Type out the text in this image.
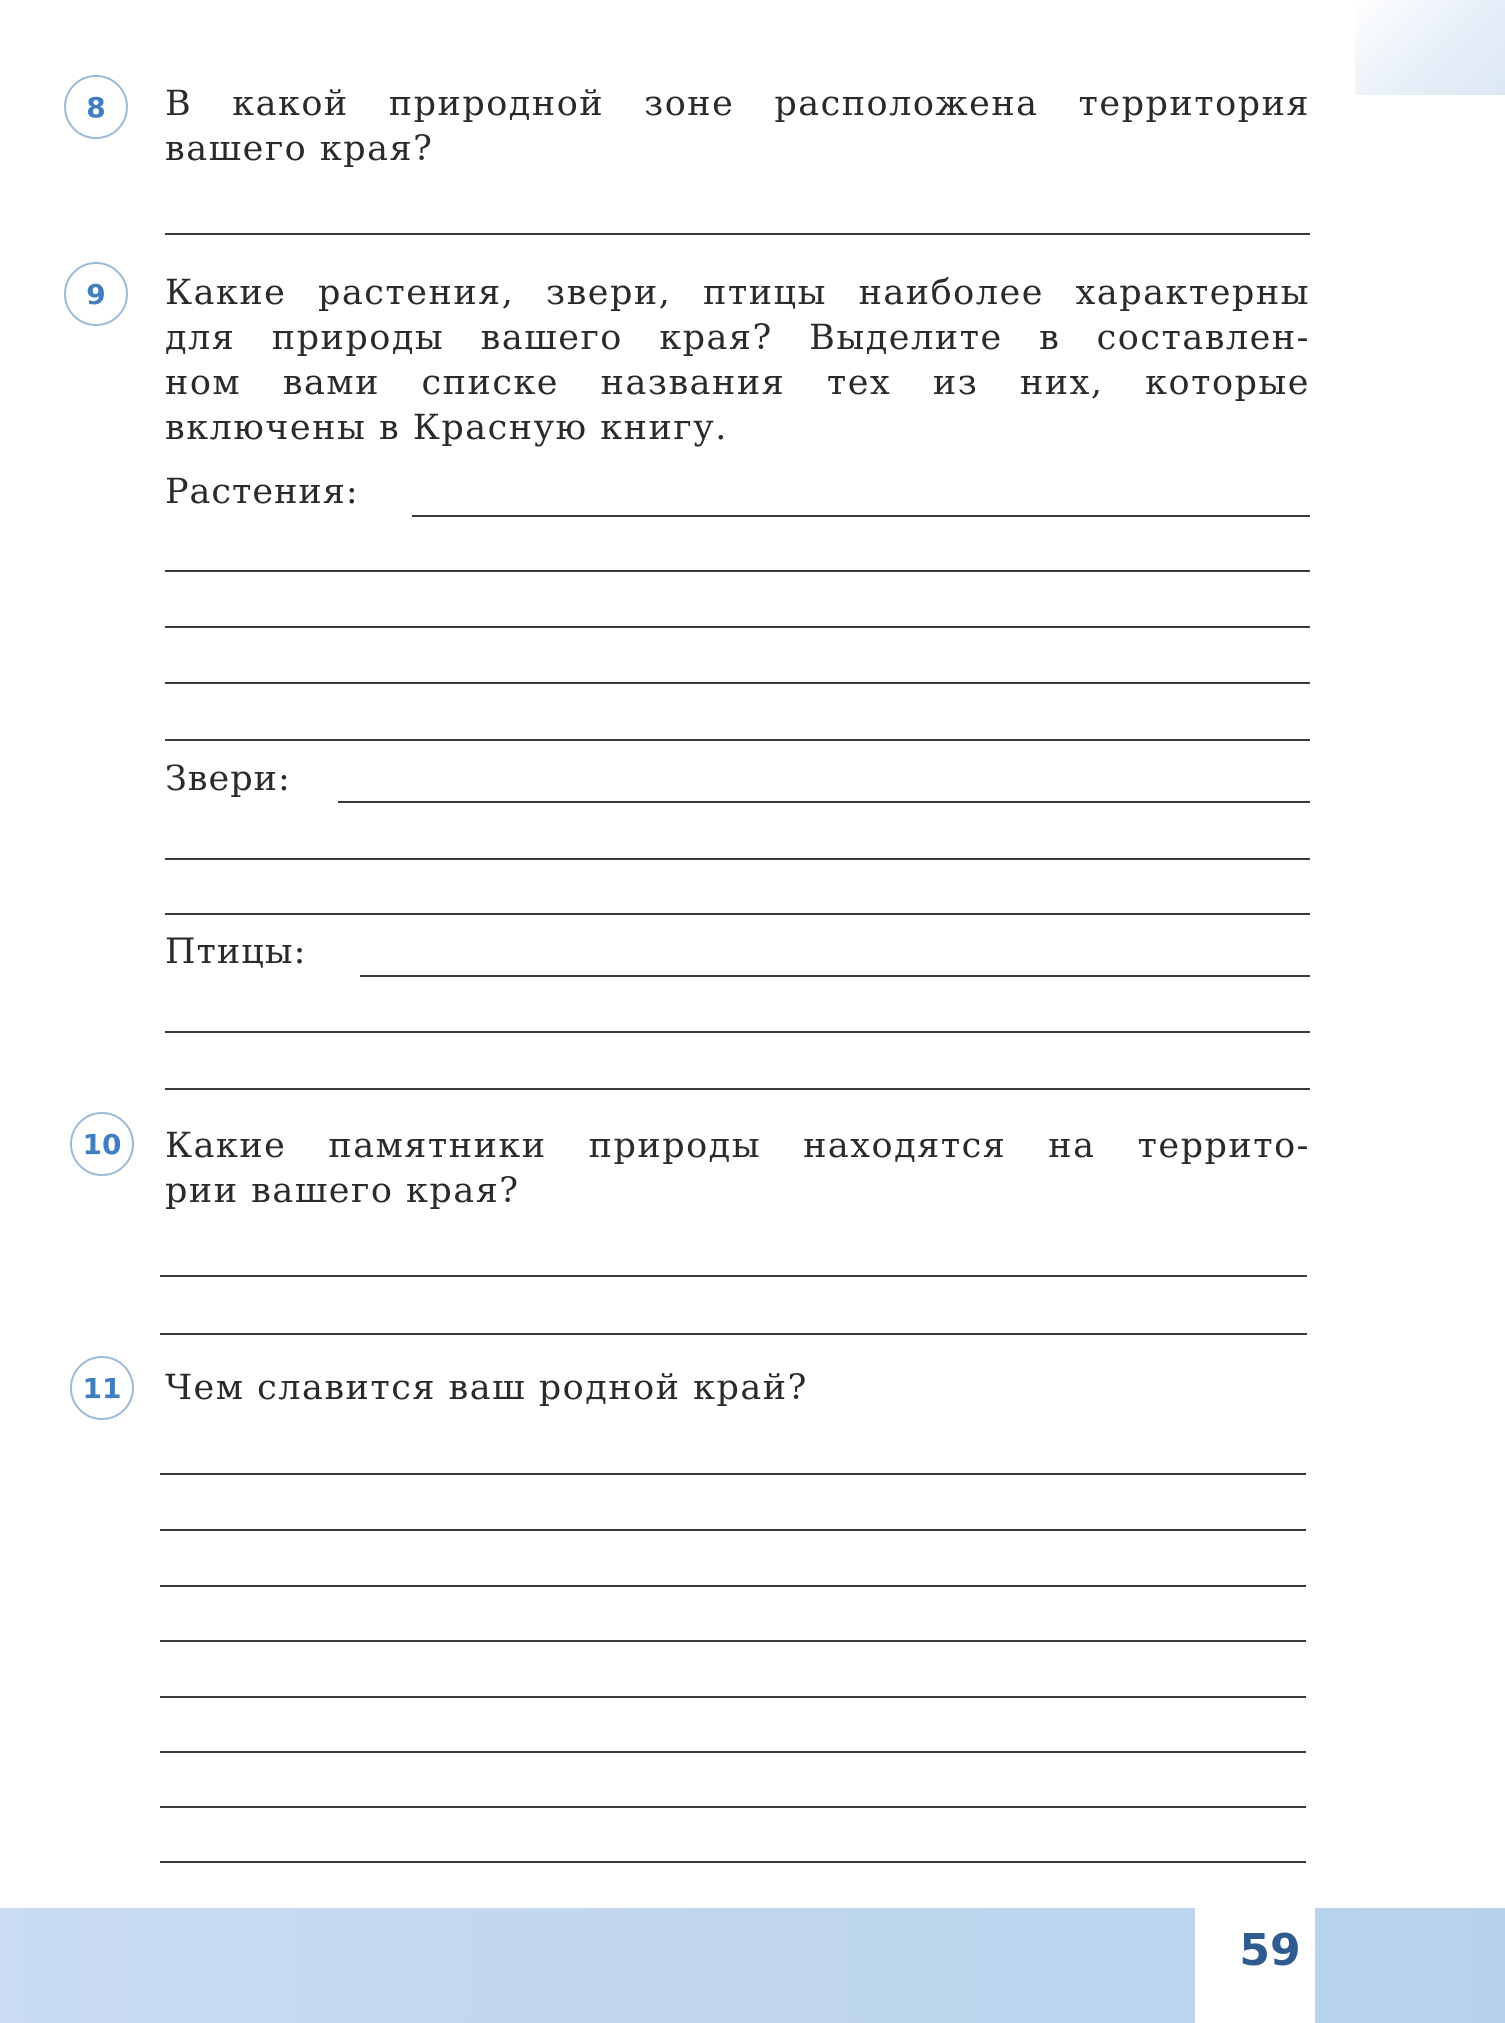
8	В какой природной зоне расположена территория
вашего края?
9	Какие растения, звери, птицы наиболее характерны
для природы вашего края? Выделите в составлен-
ном вами списке названия тех из них, которые
включены в Красную книгу.
Растения:
Звери:
Птицы:
10	Какие памятники природы находятся на террито-
рии вашего края?
11	Чем славится ваш родной край?
59
